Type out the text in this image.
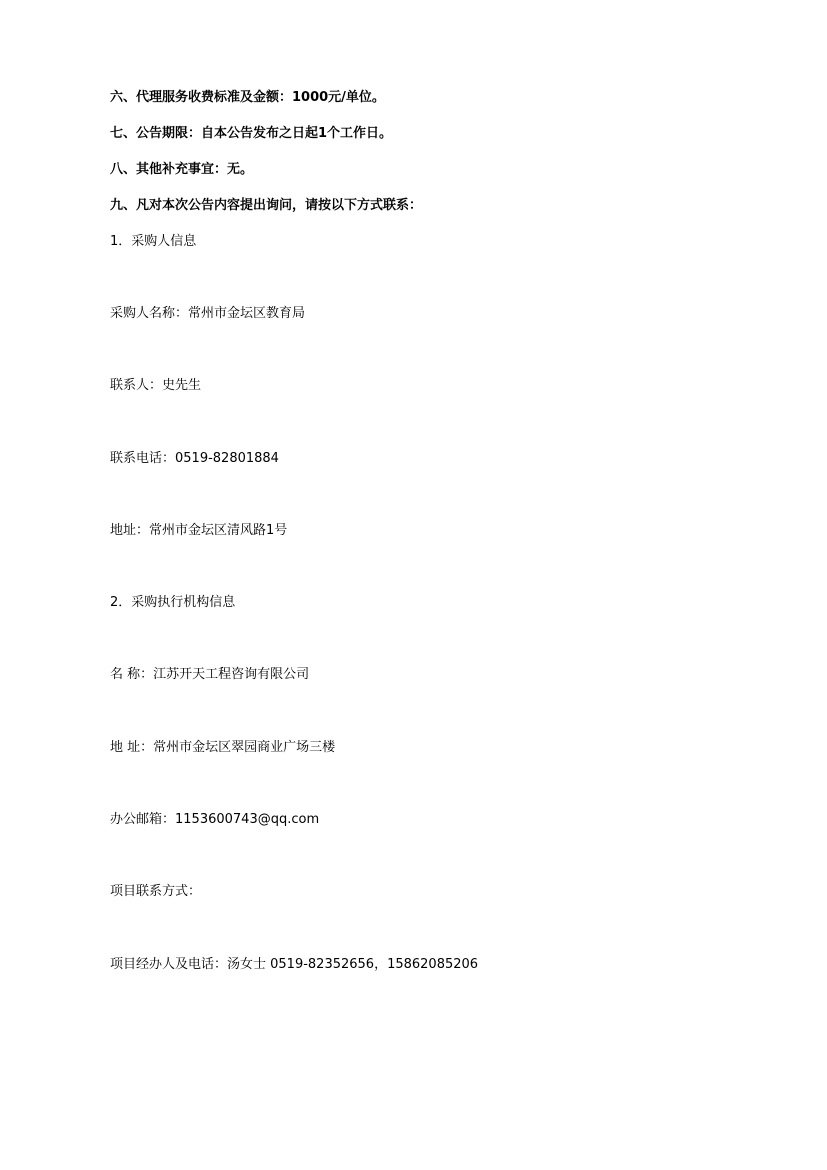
六、代理服务收费标准及金额：1000元/单位。
七、公告期限：自本公告发布之日起1个工作日。
八、其他补充事宜：无。
九、凡对本次公告内容提出询问，请按以下方式联系：
1．采购人信息
采购人名称：常州市金坛区教育局
联系人：史先生
联系电话：0519-82801884
地址：常州市金坛区清风路1号
2．采购执行机构信息
名 称：江苏开天工程咨询有限公司
地 址：常州市金坛区翠园商业广场三楼
办公邮箱：1153600743@qq.com
项目联系方式：
项目经办人及电话：汤女士 0519-82352656，15862085206
